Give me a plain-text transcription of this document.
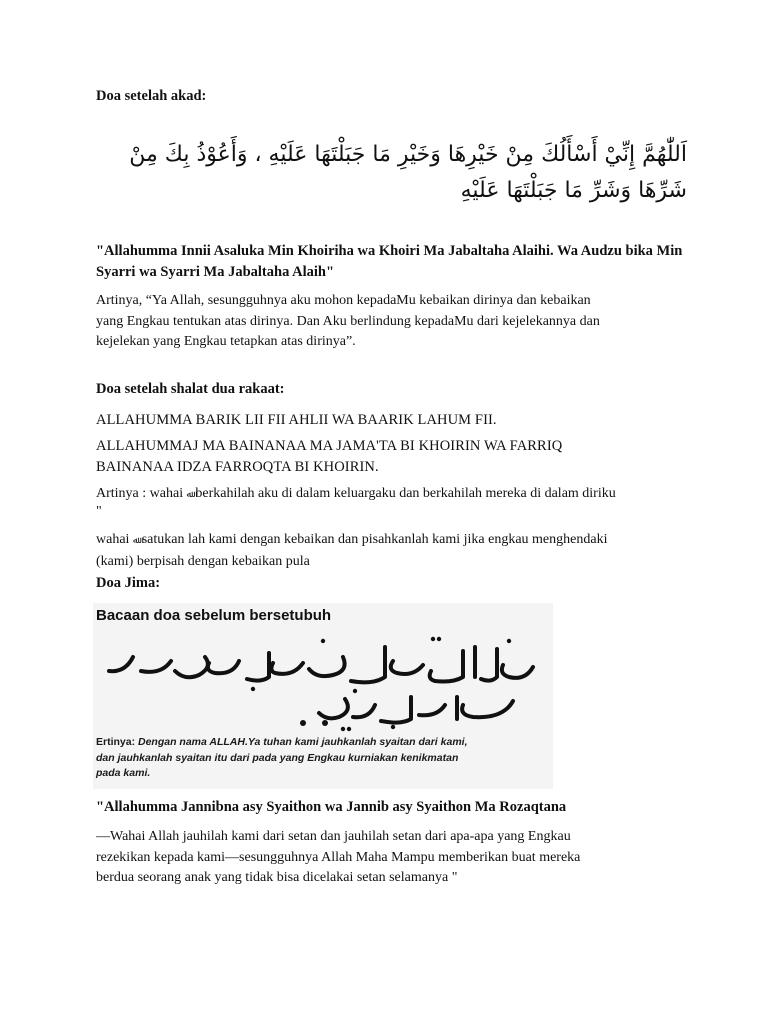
Doa setelah akad:
اَللّٰهُمَّ إِنِّيْ أَسْأَلُكَ مِنْ خَيْرِهَا وَخَيْرِ مَا جَبَلْتَهَا عَلَيْهِ ، وَأَعُوْذُ بِكَ مِنْ
شَرِّهَا وَشَرِّ مَا جَبَلْتَهَا عَلَيْهِ
"Allahumma Innii Asaluka Min Khoiriha wa Khoiri Ma Jabaltaha Alaihi. Wa Audzu bika Min Syarri wa Syarri Ma Jabaltaha Alaih"
Artinya, “Ya Allah, sesungguhnya aku mohon kepadaMu kebaikan dirinya dan kebaikan
yang Engkau tentukan atas dirinya. Dan Aku berlindung kepadaMu dari kejelekannya dan
kejelekan yang Engkau tetapkan atas dirinya”.
Doa setelah shalat dua rakaat:
ALLAHUMMA BARIK LII FII AHLII WA BAARIK LAHUM FII.
ALLAHUMMAJ MA BAINANAA MA JAMA'TA BI KHOIRIN WA FARRIQ
BAINANAA IDZA FARROQTA BI KHOIRIN.
Artinya : wahai ﷲ berkahilah aku di dalam keluargaku dan berkahilah mereka di dalam diriku
"
wahai ﷲ satukan lah kami dengan kebaikan dan pisahkanlah kami jika engkau menghendaki
(kami) berpisah dengan kebaikan pula
Doa Jima:
Bacaan doa sebelum bersetubuh
Ertinya: Dengan nama ALLAH.Ya tuhan kami jauhkanlah syaitan dari kami,
dan jauhkanlah syaitan itu dari pada yang Engkau kurniakan kenikmatan
pada kami.
"Allahumma Jannibna asy Syaithon wa Jannib asy Syaithon Ma Rozaqtana
—Wahai Allah jauhilah kami dari setan dan jauhilah setan dari apa-apa yang Engkau
rezekikan kepada kami—sesungguhnya Allah Maha Mampu memberikan buat mereka
berdua seorang anak yang tidak bisa dicelakai setan selamanya "
